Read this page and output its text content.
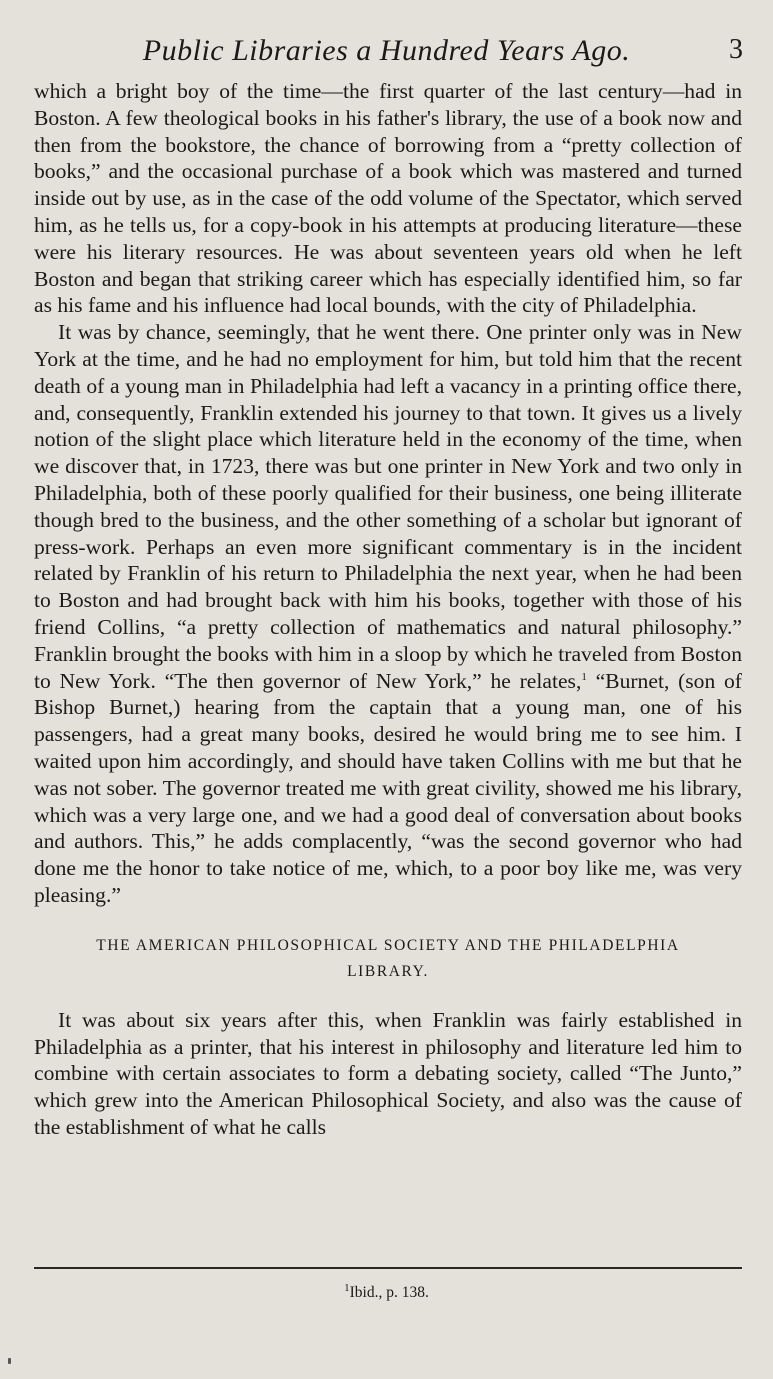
Public Libraries a Hundred Years Ago.	3

which a bright boy of the time—the first quarter of the last century—had in Boston. A few theological books in his father's library, the use of a book now and then from the bookstore, the chance of borrowing from a “pretty collection of books,” and the occasional purchase of a book which was mastered and turned inside out by use, as in the case of the odd volume of the Spectator, which served him, as he tells us, for a copy-book in his attempts at producing literature—these were his literary resources. He was about seventeen years old when he left Boston and began that striking career which has especially identified him, so far as his fame and his influence had local bounds, with the city of Philadelphia.

It was by chance, seemingly, that he went there. One printer only was in New York at the time, and he had no employment for him, but told him that the recent death of a young man in Philadelphia had left a vacancy in a printing office there, and, consequently, Franklin extended his journey to that town. It gives us a lively notion of the slight place which literature held in the economy of the time, when we discover that, in 1723, there was but one printer in New York and two only in Philadelphia, both of these poorly qualified for their business, one being illiterate though bred to the business, and the other something of a scholar but ignorant of press-work. Perhaps an even more significant commentary is in the incident related by Franklin of his return to Philadelphia the next year, when he had been to Boston and had brought back with him his books, together with those of his friend Collins, “a pretty collection of mathematics and natural philosophy.” Franklin brought the books with him in a sloop by which he traveled from Boston to New York. “The then governor of New York,” he relates,$^1$ “Burnet, (son of Bishop Burnet,) hearing from the captain that a young man, one of his passengers, had a great many books, desired he would bring me to see him. I waited upon him accordingly, and should have taken Collins with me but that he was not sober. The governor treated me with great civility, showed me his library, which was a very large one, and we had a good deal of conversation about books and authors. This,” he adds complacently, “was the second governor who had done me the honor to take notice of me, which, to a poor boy like me, was very pleasing.”

THE AMERICAN PHILOSOPHICAL SOCIETY AND THE PHILADELPHIA
LIBRARY.

It was about six years after this, when Franklin was fairly established in Philadelphia as a printer, that his interest in philosophy and literature led him to combine with certain associates to form a debating society, called “The Junto,” which grew into the American Philosophical Society, and also was the cause of the establishment of what he calls

$^1$Ibid., p. 138.
